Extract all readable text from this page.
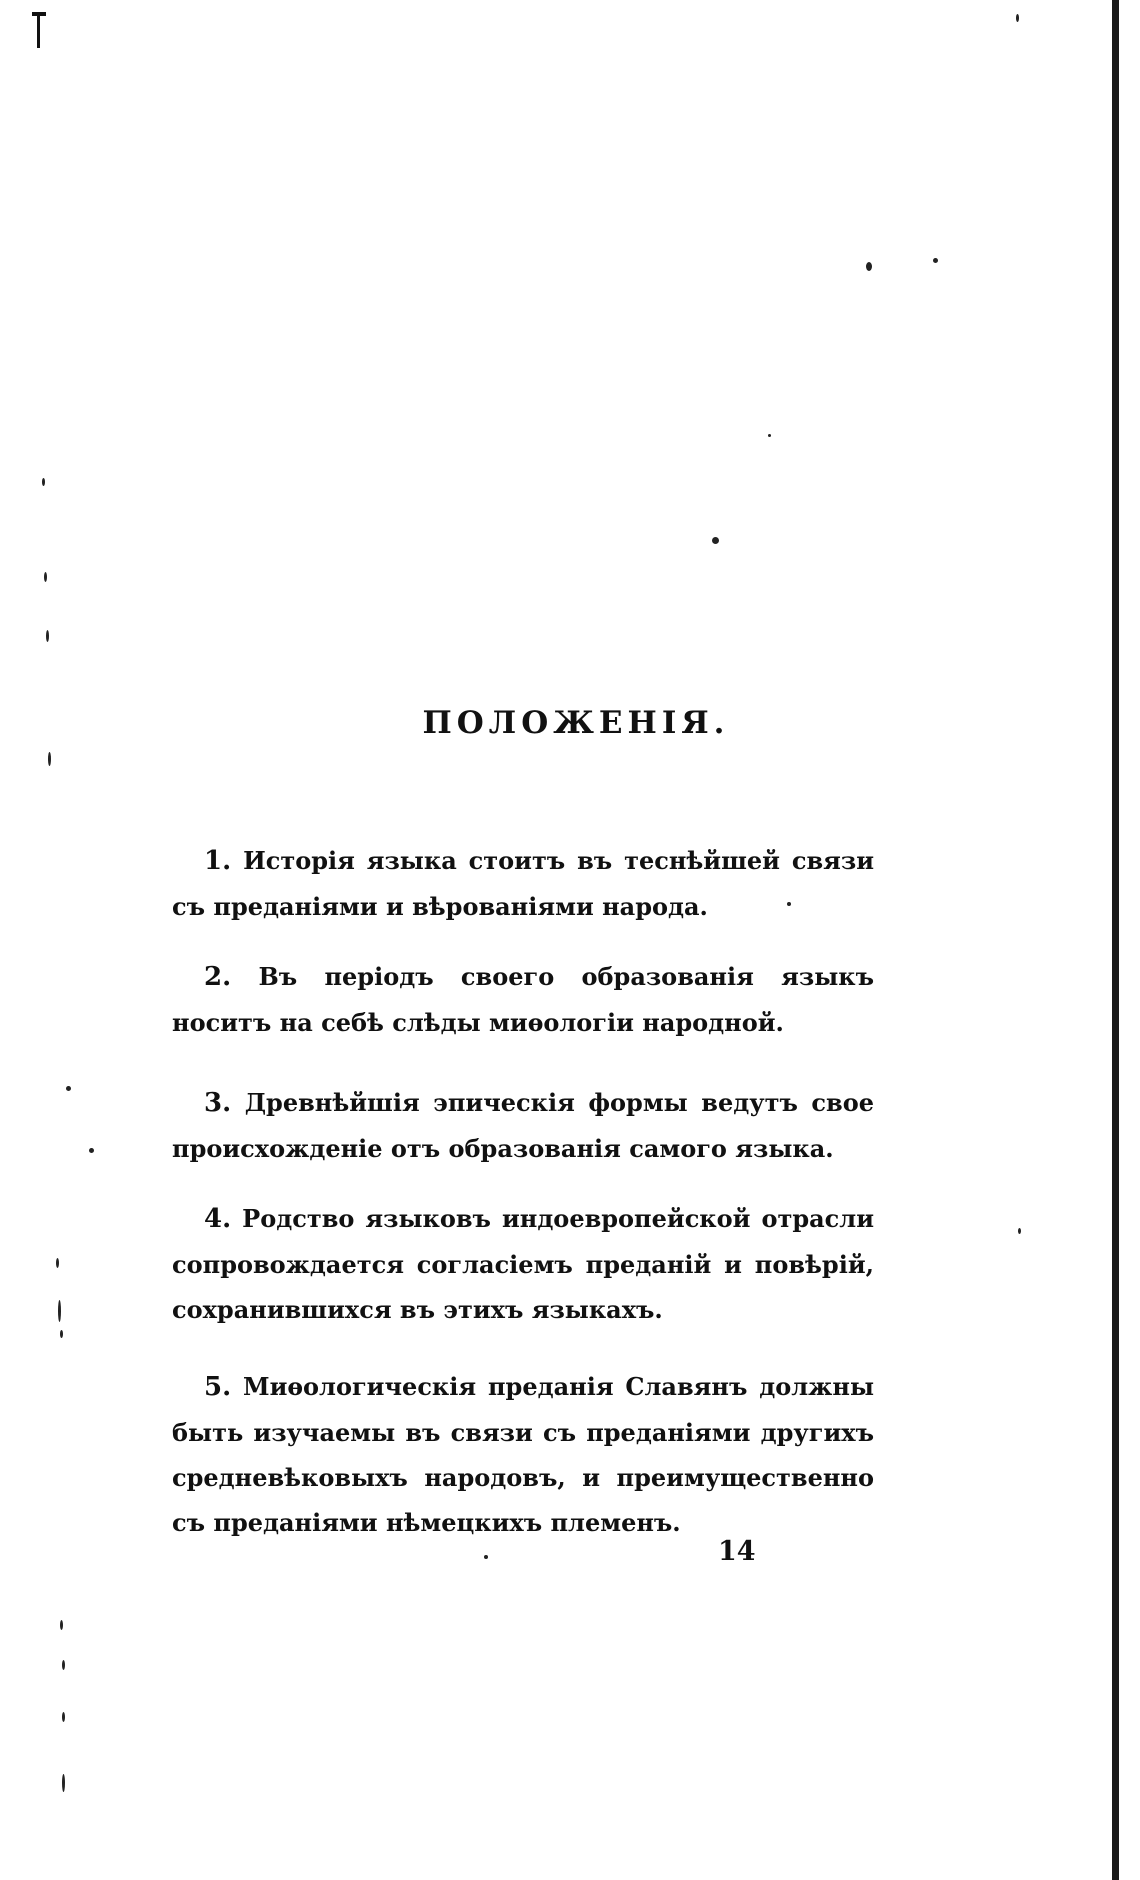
ПОЛОЖЕНІЯ.

1. Исторія языка стоитъ въ теснѣйшей связи съ преданіями и вѣрованіями народа.

2. Въ періодъ своего образованія языкъ носитъ на себѣ слѣды миѳологіи народной.

3. Древнѣйшія эпическія формы ведутъ свое происхожденіе отъ образованія самого языка.

4. Родство языковъ индоевропейской отрасли сопровождается согласіемъ преданій и повѣрій, сохранившихся въ этихъ языкахъ.

5. Миѳологическія преданія Славянъ должны быть изучаемы въ связи съ преданіями другихъ средневѣковыхъ народовъ, и преимущественно съ преданіями нѣмецкихъ племенъ.

14
